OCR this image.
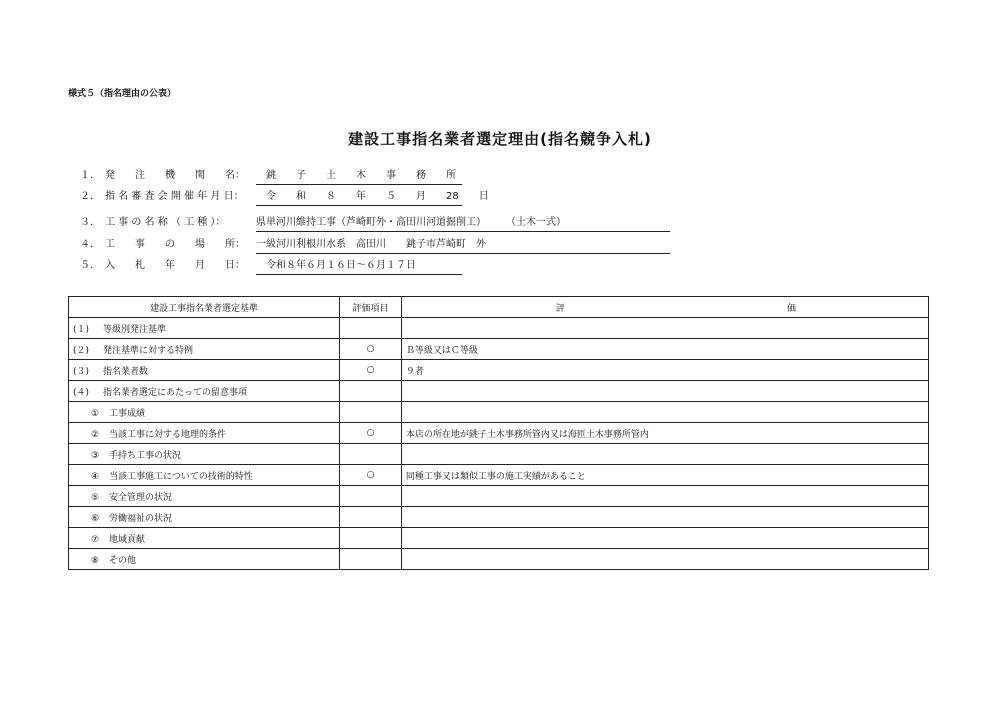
様式５（指名理由の公表）
建設工事指名業者選定理由(指名競争入札)
１．　発　　注　　機　　関　　名： 銚　　子　　土　　木　　事　　務　　所
２．　指 名 審 査 会 開 催 年 月 日： 令　　和　　８　　年　　５　　月　　28　　日
３．　工 事 の 名 称 （ 工 種 ）：	県単河川維持工事（芦崎町外・高田川河道掘削工）　　　（土木一式）
４．　工　　事　　の　　場　　所： 一級河川利根川水系　高田川　　銚子市芦崎町　外
５．　入　　札　　年　　月　　日： 令和８年６月１６日～６月１７日
建設工事指名業者選定基準	評価項目	評 価

(１) 等級別発注基準		
(２) 発注基準に対する特例	○	Ｂ等級又はＣ等級
(３) 指名業者数	○	９者
(４) 指名業者選定にあたっての留意事項		
① 工事成績		
② 当該工事に対する地理的条件	○	本店の所在地が銚子土木事務所管内又は海匝土木事務所管内
③ 手持ち工事の状況		
④ 当該工事施工についての技術的特性	○	同種工事又は類似工事の施工実績があること
⑤ 安全管理の状況		
⑥ 労働福祉の状況		
⑦ 地域貢献		
⑧ その他		
